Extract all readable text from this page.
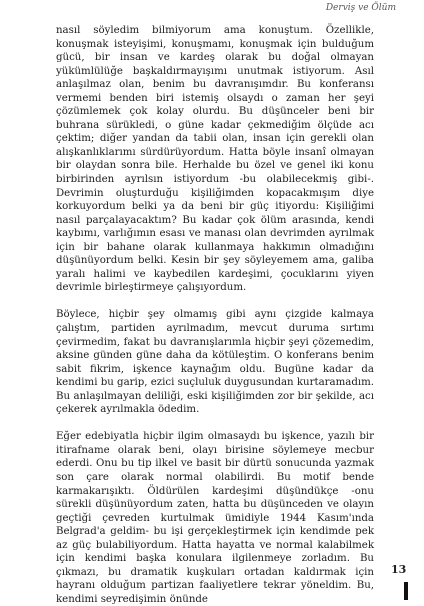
Derviş ve Ölüm

nasıl söyledim bilmiyorum ama konuştum. Özellikle, konuşmak isteyişimi, konuşmamı, konuşmak için bulduğum gücü, bir insan ve kardeş olarak bu doğal olmayan yükümlülüğe başkaldırmayışımı unutmak istiyorum. Asıl anlaşılmaz olan, benim bu davranışımdır. Bu konferansı vermemi benden biri istemiş olsaydı o zaman her şeyi çözümlemek çok kolay olurdu. Bu düşünceler beni bir buhrana sürükledi, o güne kadar çekmediğim ölçüde acı çektim; diğer yandan da tabii olan, insan için gerekli olan alışkanlıklarımı sürdürüyordum. Hatta böyle insanî olmayan bir olaydan sonra bile. Herhalde bu özel ve genel iki konu birbirinden ayrılsın istiyordum -bu olabilecekmiş gibi-. Devrimin oluşturduğu kişiliğimden kopacakmışım diye korkuyordum belki ya da beni bir güç itiyordu: Kişiliğimi nasıl parçalayacaktım? Bu kadar çok ölüm arasında, kendi kaybımı, varlığımın esası ve manası olan devrimden ayrılmak için bir bahane olarak kullanmaya hakkımın olmadığını düşünüyordum belki. Kesin bir şey söyleyemem ama, galiba yaralı halimi ve kaybedilen kardeşimi, çocuklarını yiyen devrimle birleştirmeye çalışıyordum.

Böylece, hiçbir şey olmamış gibi aynı çizgide kalmaya çalıştım, partiden ayrılmadım, mevcut duruma sırtımı çevirmedim, fakat bu davranışlarımla hiçbir şeyi çözemedim, aksine günden güne daha da kötüleştim. O konferans benim sabit fikrim, işkence kaynağım oldu. Bugüne kadar da kendimi bu garip, ezici suçluluk duygusundan kurtaramadım. Bu anlaşılmayan deliliği, eski kişiliğimden zor bir şekilde, acı çekerek ayrılmakla ödedim.

Eğer edebiyatla hiçbir ilgim olmasaydı bu işkence, yazılı bir itirafname olarak beni, olayı birisine söylemeye mecbur ederdi. Onu bu tip ilkel ve basit bir dürtü sonucunda yazmak son çare olarak normal olabilirdi. Bu motif bende karmakarışıktı. Öldürülen kardeşimi düşündükçe -onu sürekli düşünüyordum zaten, hatta bu düşünceden ve olayın geçtiği çevreden kurtulmak ümidiyle 1944 Kasım'ında Belgrad'a geldim- bu işi gerçekleştirmek için kendimde pek az güç bulabiliyordum. Hatta hayatta ve normal kalabilmek için kendimi başka konulara ilgilenmeye zorladım. Bu çıkmazı, bu dramatik kuşkuları ortadan kaldırmak için hayranı olduğum partizan faaliyetlere tekrar yöneldim. Bu, kendimi seyredişimin önünde

13
